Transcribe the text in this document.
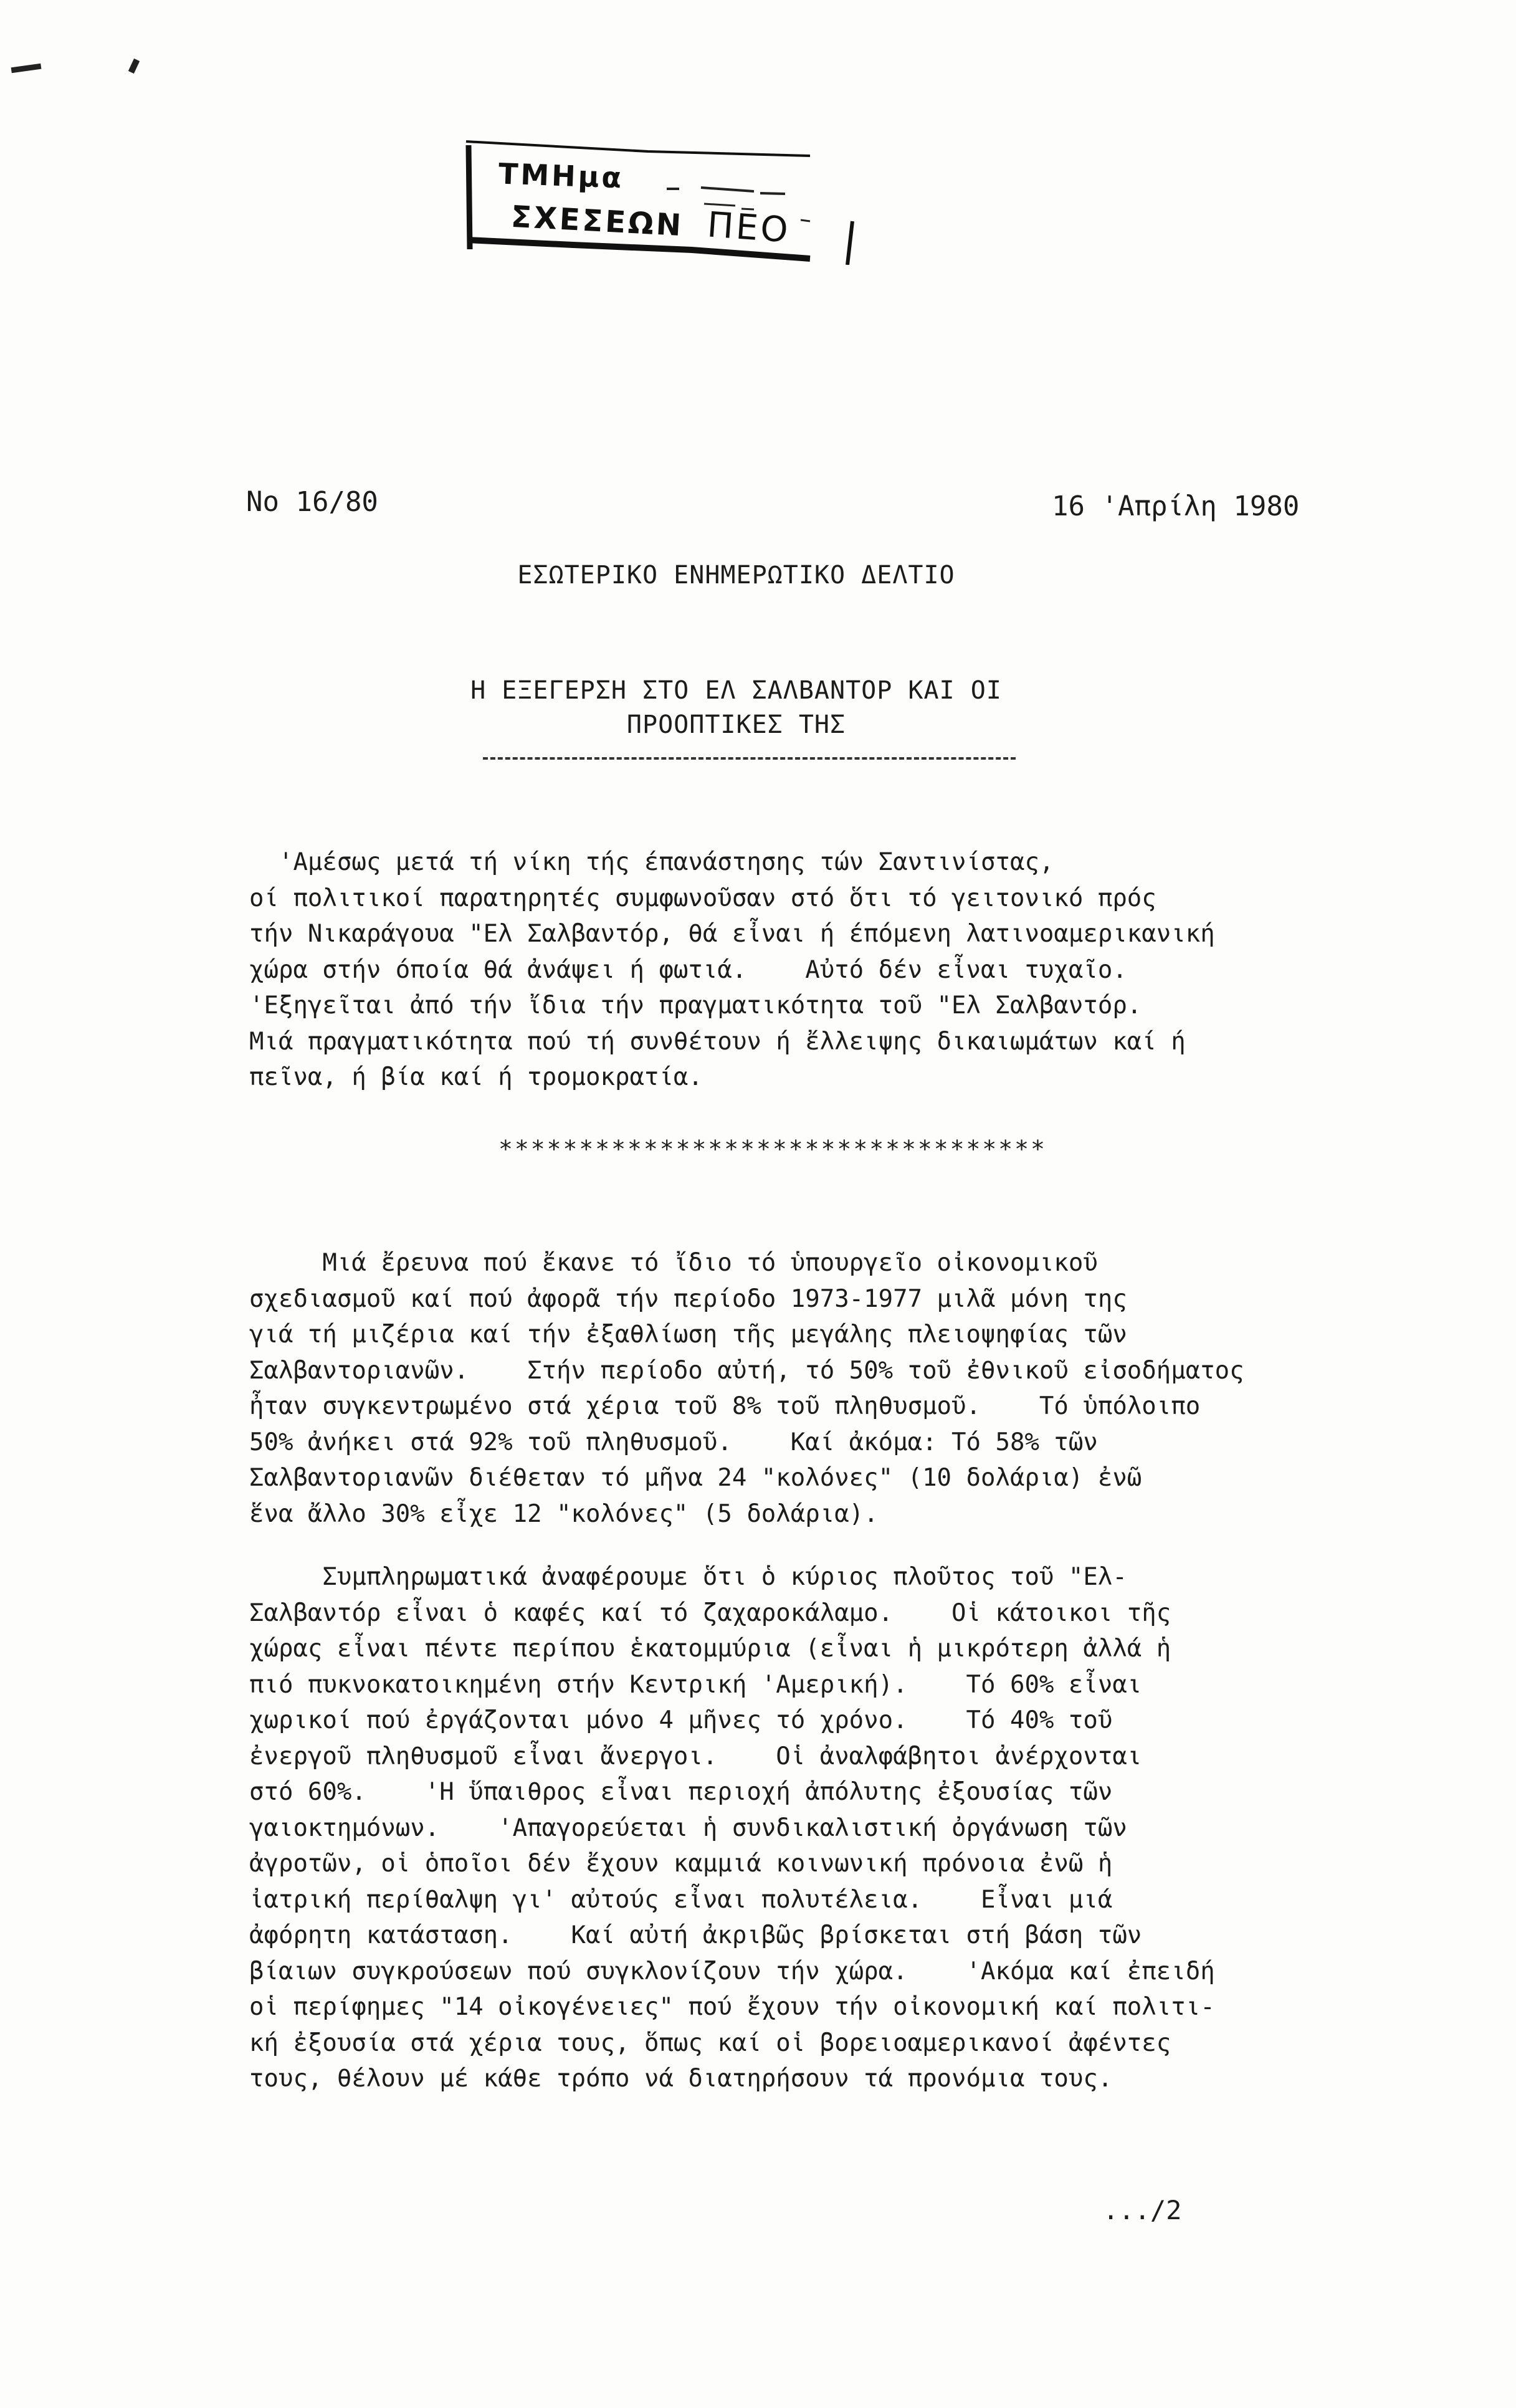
ΤΜΗμα
ΣΧΕΣΕΩΝ ΠΕΟ
Νο 16/80	16 'Απρίλη 1980
ΕΣΩΤΕΡΙΚΟ ΕΝΗΜΕΡΩΤΙΚΟ ΔΕΛΤΙΟ
Η ΕΞΕΓΕΡΣΗ ΣΤΟ ΕΛ ΣΑΛΒΑΝΤΟΡ ΚΑΙ ΟΙ
ΠΡΟΟΠΤΙΚΕΣ ΤΗΣ
'Αμέσως μετά τή νίκη τής έπανάστησης τών Σαντινίστας,
οί πολιτικοί παρατηρητές συμφωνοῦσαν στό ὅτι τό γειτονικό πρός
τήν Νικαράγουα "Ελ Σαλβαντόρ, θά εἶναι ή έπόμενη λατινοαμερικανική
χώρα στήν όποία θά ἀνάψει ή φωτιά.    Αὐτό δέν εἶναι τυχαῖο.
'Εξηγεῖται ἀπό τήν ἴδια τήν πραγματικότητα τοῦ "Ελ Σαλβαντόρ.
Μιά πραγματικότητα πού τή συνθέτουν ή ἔλλειψης δικαιωμάτων καί ή
πεῖνα, ή βία καί ή τρομοκρατία.
**********************************
Μιά ἔρευνα πού ἔκανε τό ἴδιο τό ὑπουργεῖο οἰκονομικοῦ
σχεδιασμοῦ καί πού ἀφορᾶ τήν περίοδο 1973-1977 μιλᾶ μόνη της
γιά τή μιζέρια καί τήν ἐξαθλίωση τῆς μεγάλης πλειοψηφίας τῶν
Σαλβαντοριανῶν.    Στήν περίοδο αὐτή, τό 50% τοῦ ἐθνικοῦ εἰσοδήματος
ἦταν συγκεντρωμένο στά χέρια τοῦ 8% τοῦ πληθυσμοῦ.    Τό ὑπόλοιπο
50% ἀνήκει στά 92% τοῦ πληθυσμοῦ.    Καί ἀκόμα: Τό 58% τῶν
Σαλβαντοριανῶν διέθεταν τό μῆνα 24 "κολόνες" (10 δολάρια) ἐνῶ
ἕνα ἄλλο 30% εἶχε 12 "κολόνες" (5 δολάρια).
Συμπληρωματικά ἀναφέρουμε ὅτι ὁ κύριος πλοῦτος τοῦ "Ελ-
Σαλβαντόρ εἶναι ὁ καφές καί τό ζαχαροκάλαμο.    Οἱ κάτοικοι τῆς
χώρας εἶναι πέντε περίπου ἑκατομμύρια (εἶναι ἡ μικρότερη ἀλλά ἡ
πιό πυκνοκατοικημένη στήν Κεντρική 'Αμερική).    Τό 60% εἶναι
χωρικοί πού ἐργάζονται μόνο 4 μῆνες τό χρόνο.    Τό 40% τοῦ
ἐνεργοῦ πληθυσμοῦ εἶναι ἄνεργοι.    Οἱ ἀναλφάβητοι ἀνέρχονται
στό 60%.    'Η ὕπαιθρος εἶναι περιοχή ἀπόλυτης ἐξουσίας τῶν
γαιοκτημόνων.    'Απαγορεύεται ἡ συνδικαλιστική ὀργάνωση τῶν
ἀγροτῶν, οἱ ὁποῖοι δέν ἔχουν καμμιά κοινωνική πρόνοια ἐνῶ ἡ
ἰατρική περίθαλψη γι' αὐτούς εἶναι πολυτέλεια.    Εἶναι μιά
ἀφόρητη κατάσταση.    Καί αὐτή ἀκριβῶς βρίσκεται στή βάση τῶν
βίαιων συγκρούσεων πού συγκλονίζουν τήν χώρα.    'Ακόμα καί ἐπειδή
οἱ περίφημες "14 οἰκογένειες" πού ἔχουν τήν οἰκονομική καί πολιτι-
κή ἐξουσία στά χέρια τους, ὅπως καί οἱ βορειοαμερικανοί ἀφέντες
τους, θέλουν μέ κάθε τρόπο νά διατηρήσουν τά προνόμια τους.
.../2
